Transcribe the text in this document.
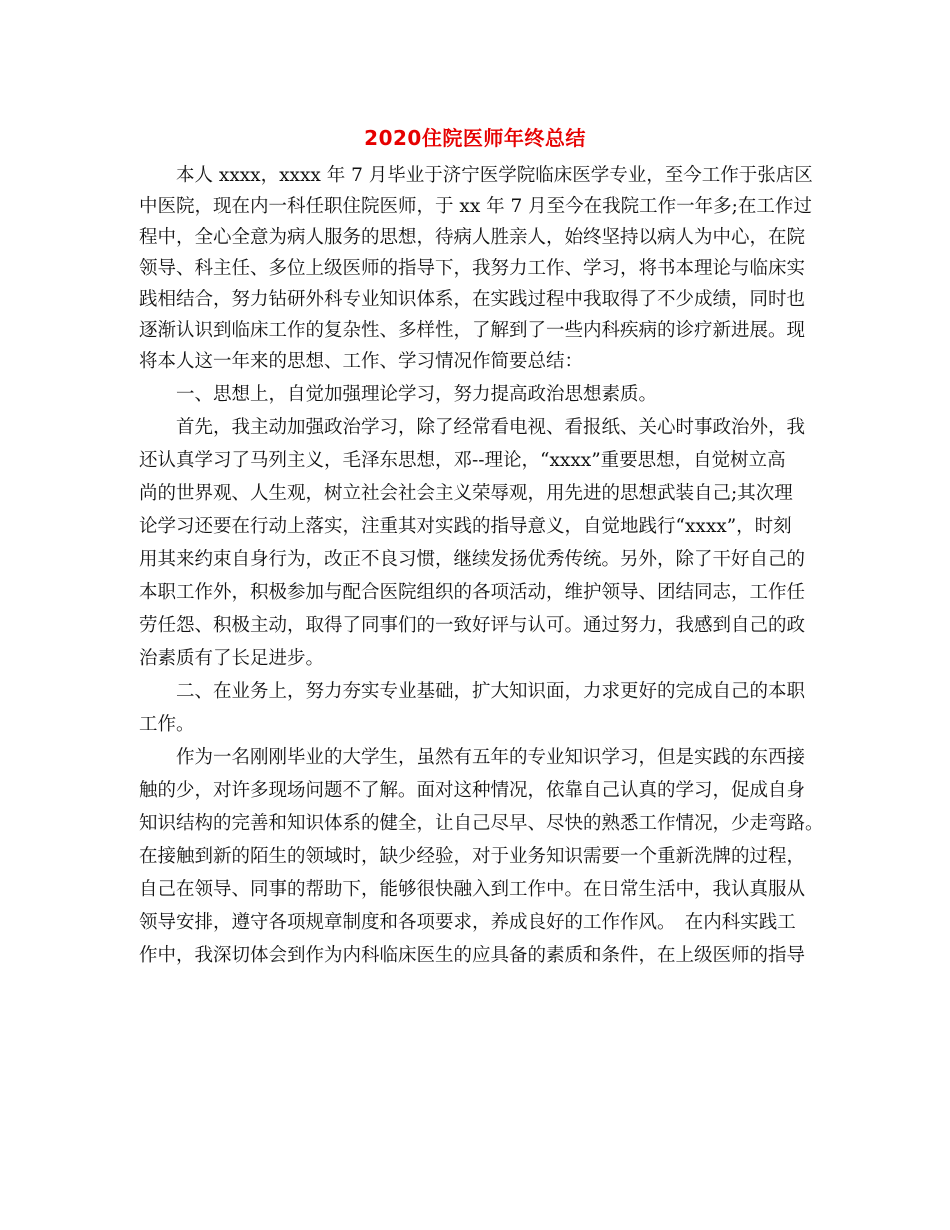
2020住院医师年终总结
　　本人 xxxx，xxxx 年 7 月毕业于济宁医学院临床医学专业，至今工作于张店区
中医院，现在内一科任职住院医师，于 xx 年 7 月至今在我院工作一年多;在工作过
程中，全心全意为病人服务的思想，待病人胜亲人，始终坚持以病人为中心，在院
领导、科主任、多位上级医师的指导下，我努力工作、学习，将书本理论与临床实
践相结合，努力钻研外科专业知识体系，在实践过程中我取得了不少成绩，同时也
逐渐认识到临床工作的复杂性、多样性，了解到了一些内科疾病的诊疗新进展。现
将本人这一年来的思想、工作、学习情况作简要总结：
　　一、思想上，自觉加强理论学习，努力提高政治思想素质。
　　首先，我主动加强政治学习，除了经常看电视、看报纸、关心时事政治外，我
还认真学习了马列主义，毛泽东思想，邓--理论，“xxxx”重要思想，自觉树立高
尚的世界观、人生观，树立社会社会主义荣辱观，用先进的思想武装自己;其次理
论学习还要在行动上落实，注重其对实践的指导意义，自觉地践行“xxxx”，时刻
用其来约束自身行为，改正不良习惯，继续发扬优秀传统。另外，除了干好自己的
本职工作外，积极参加与配合医院组织的各项活动，维护领导、团结同志，工作任
劳任怨、积极主动，取得了同事们的一致好评与认可。通过努力，我感到自己的政
治素质有了长足进步。
　　二、在业务上，努力夯实专业基础，扩大知识面，力求更好的完成自己的本职
工作。
　　作为一名刚刚毕业的大学生，虽然有五年的专业知识学习，但是实践的东西接
触的少，对许多现场问题不了解。面对这种情况，依靠自己认真的学习，促成自身
知识结构的完善和知识体系的健全，让自己尽早、尽快的熟悉工作情况，少走弯路。
在接触到新的陌生的领域时，缺少经验，对于业务知识需要一个重新洗牌的过程，
自己在领导、同事的帮助下，能够很快融入到工作中。在日常生活中，我认真服从
领导安排，遵守各项规章制度和各项要求，养成良好的工作作风。　在内科实践工
作中，我深切体会到作为内科临床医生的应具备的素质和条件，在上级医师的指导
